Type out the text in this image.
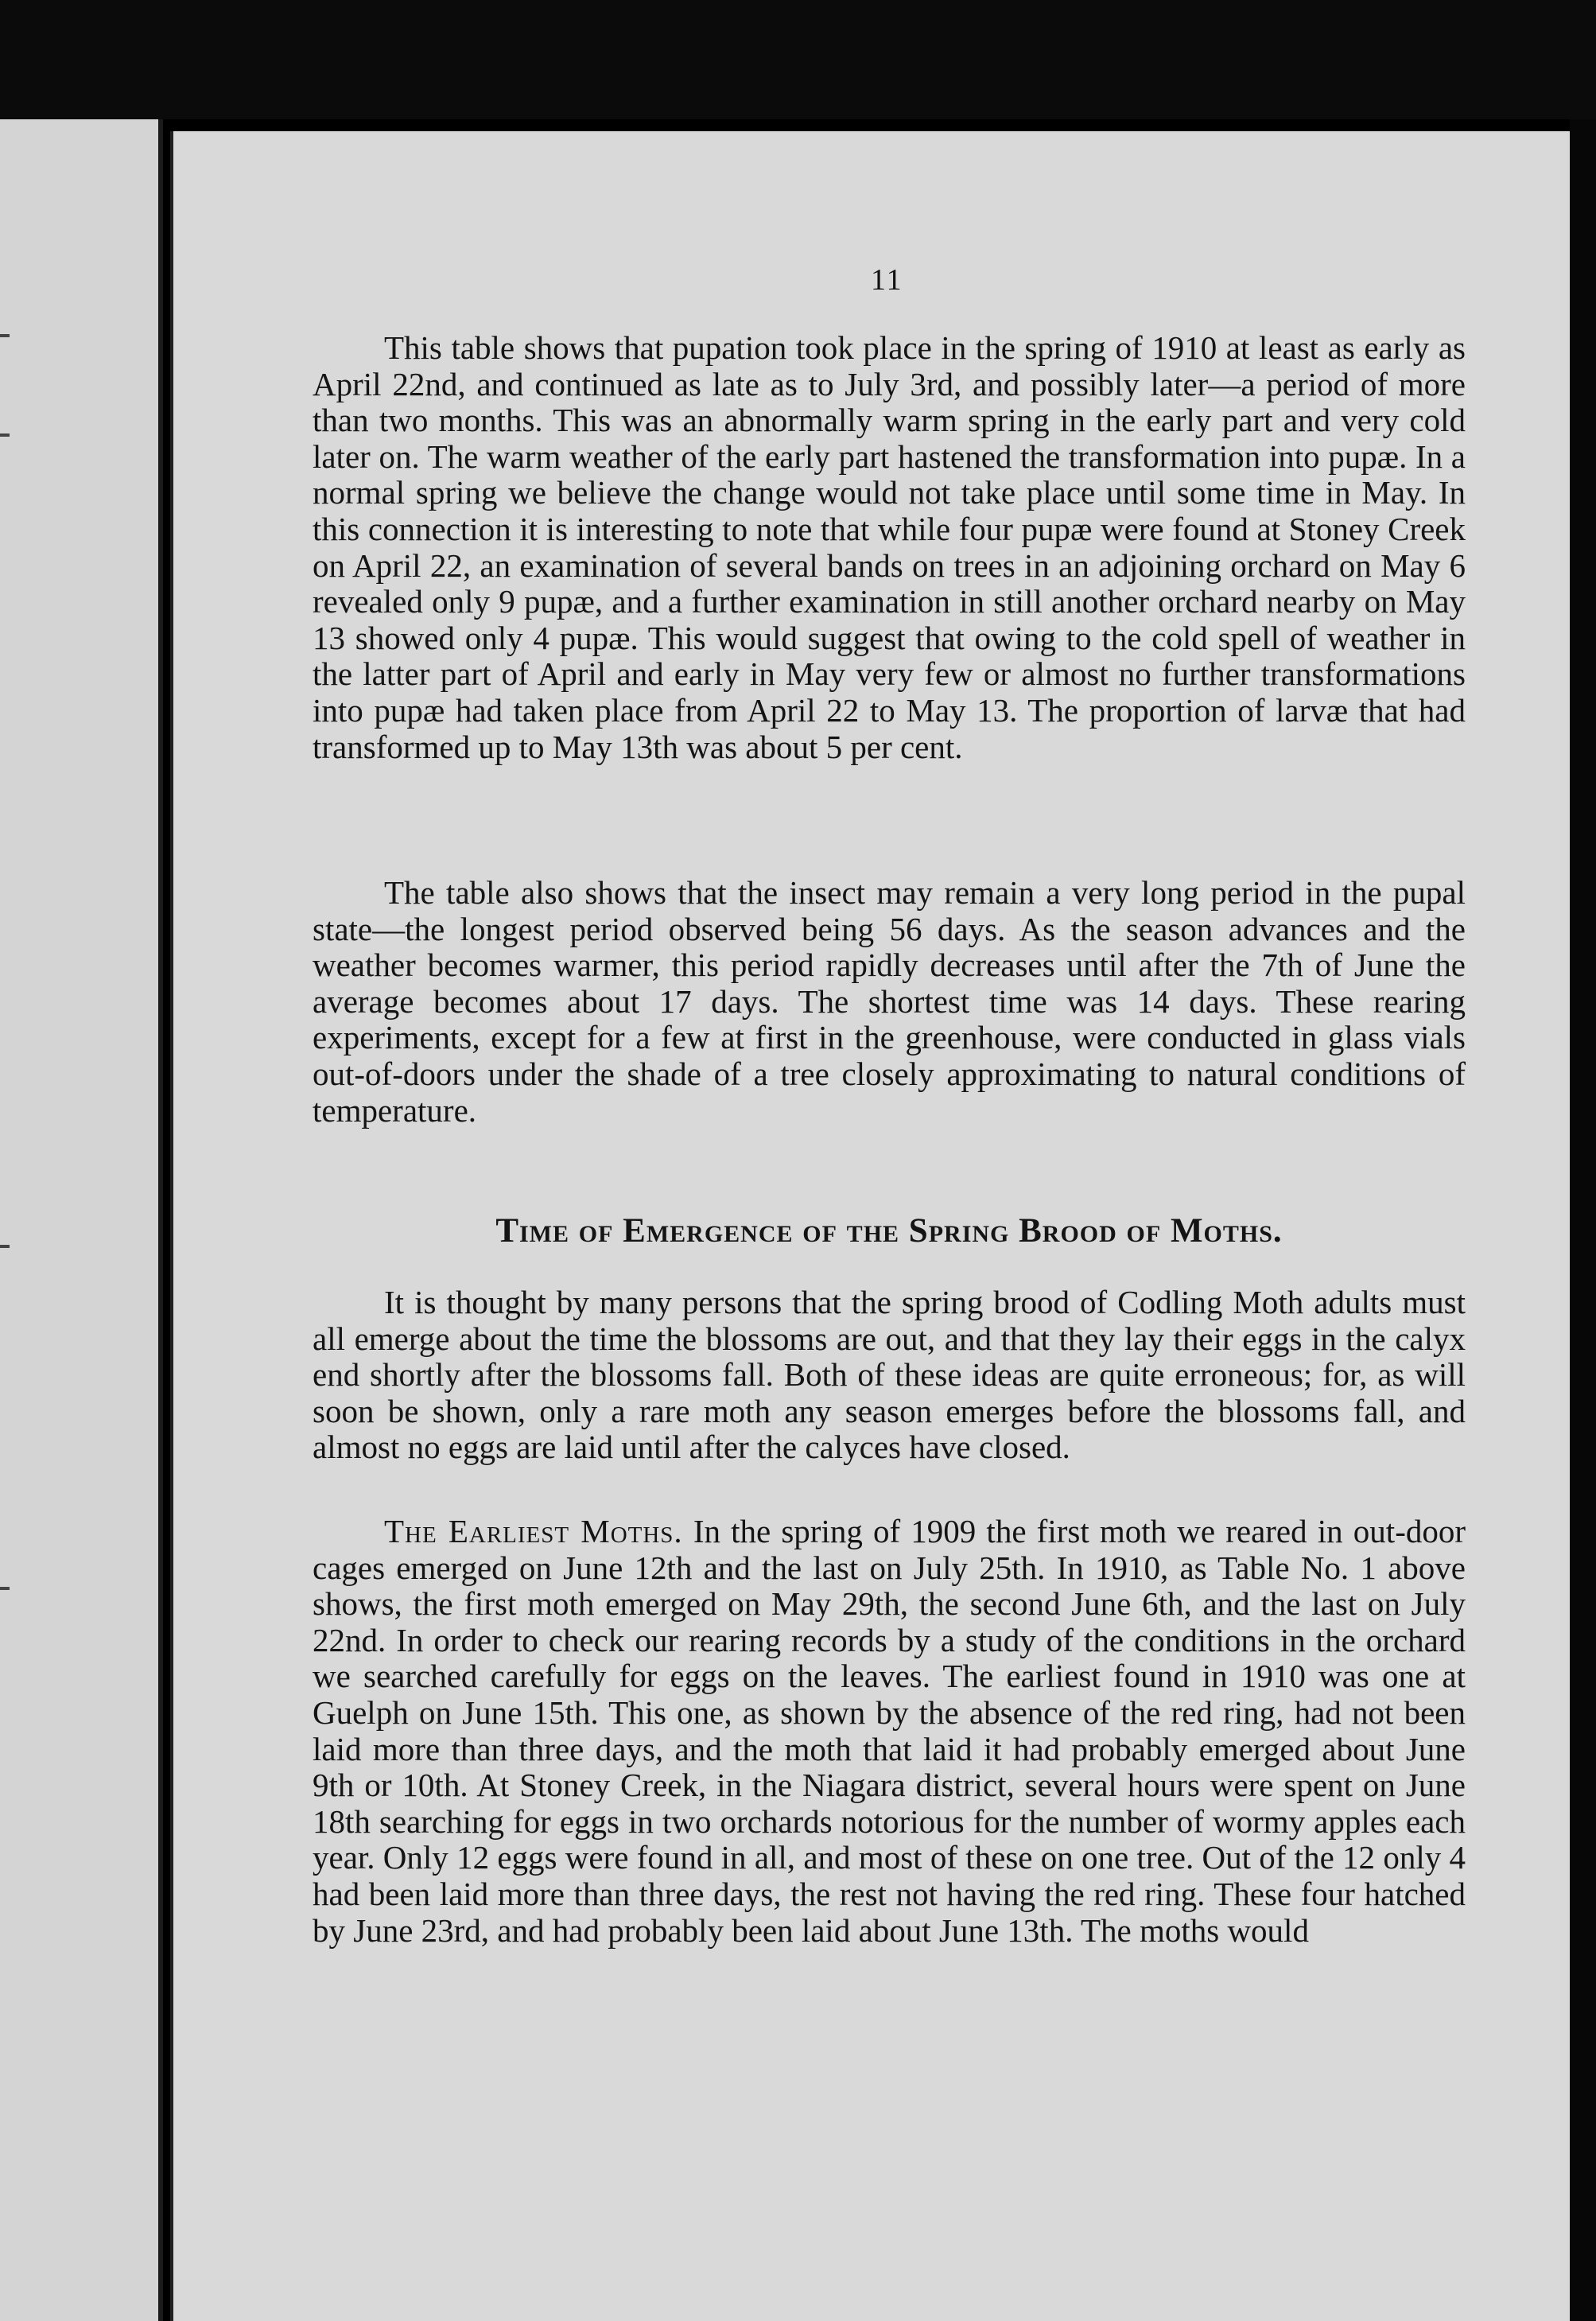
11

This table shows that pupation took place in the spring of 1910 at least as early as April 22nd, and continued as late as to July 3rd, and possibly later—a period of more than two months. This was an abnormally warm spring in the early part and very cold later on. The warm weather of the early part hastened the transformation into pupæ. In a normal spring we believe the change would not take place until some time in May. In this connection it is interesting to note that while four pupæ were found at Stoney Creek on April 22, an examination of several bands on trees in an adjoining orchard on May 6 revealed only 9 pupæ, and a further examination in still another orchard nearby on May 13 showed only 4 pupæ. This would suggest that owing to the cold spell of weather in the latter part of April and early in May very few or almost no further transformations into pupæ had taken place from April 22 to May 13. The proportion of larvæ that had transformed up to May 13th was about 5 per cent.

The table also shows that the insect may remain a very long period in the pupal state—the longest period observed being 56 days. As the season advances and the weather becomes warmer, this period rapidly decreases until after the 7th of June the average becomes about 17 days. The shortest time was 14 days. These rearing experiments, except for a few at first in the greenhouse, were conducted in glass vials out-of-doors under the shade of a tree closely approximating to natural conditions of temperature.

Time of Emergence of the Spring Brood of Moths.

It is thought by many persons that the spring brood of Codling Moth adults must all emerge about the time the blossoms are out, and that they lay their eggs in the calyx end shortly after the blossoms fall. Both of these ideas are quite erroneous; for, as will soon be shown, only a rare moth any season emerges before the blossoms fall, and almost no eggs are laid until after the calyces have closed.

The Earliest Moths. In the spring of 1909 the first moth we reared in out-door cages emerged on June 12th and the last on July 25th. In 1910, as Table No. 1 above shows, the first moth emerged on May 29th, the second June 6th, and the last on July 22nd. In order to check our rearing records by a study of the conditions in the orchard we searched carefully for eggs on the leaves. The earliest found in 1910 was one at Guelph on June 15th. This one, as shown by the absence of the red ring, had not been laid more than three days, and the moth that laid it had probably emerged about June 9th or 10th. At Stoney Creek, in the Niagara district, several hours were spent on June 18th searching for eggs in two orchards notorious for the number of wormy apples each year. Only 12 eggs were found in all, and most of these on one tree. Out of the 12 only 4 had been laid more than three days, the rest not having the red ring. These four hatched by June 23rd, and had probably been laid about June 13th. The moths would
